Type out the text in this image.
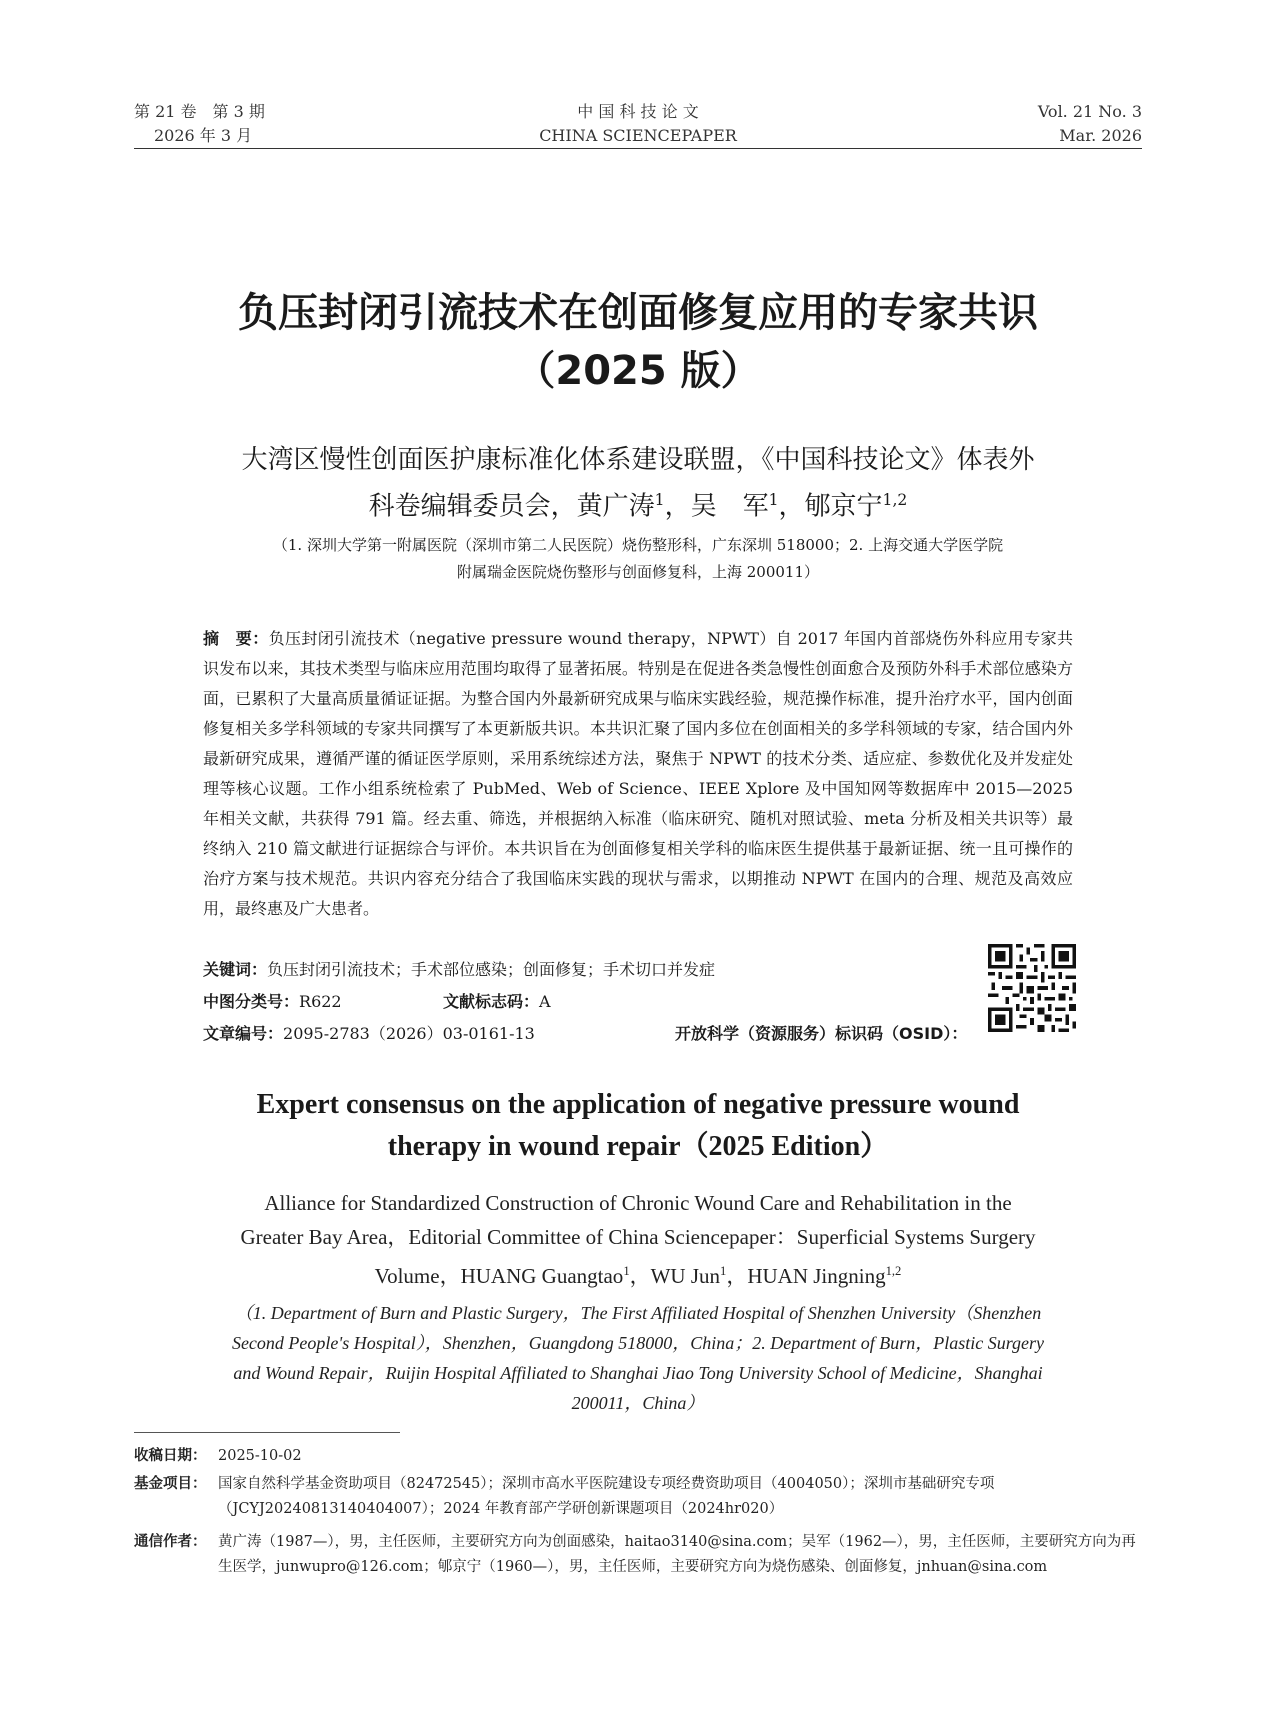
第 21 卷　第 3 期
2026 年 3 月
中 国 科 技 论 文
CHINA SCIENCEPAPER
Vol. 21 No. 3
Mar. 2026
负压封闭引流技术在创面修复应用的专家共识
（2025 版）
大湾区慢性创面医护康标准化体系建设联盟，《中国科技论文》体表外
科卷编辑委员会，黄广涛$^1$，吴　军$^1$，郇京宁$^{1,2}$
（1. 深圳大学第一附属医院（深圳市第二人民医院）烧伤整形科，广东深圳 518000；2. 上海交通大学医学院
附属瑞金医院烧伤整形与创面修复科，上海 200011）
摘　要：负压封闭引流技术（negative pressure wound therapy，NPWT）自 2017 年国内首部烧伤外科应用专家共识发布以来，其技术类型与临床应用范围均取得了显著拓展。特别是在促进各类急慢性创面愈合及预防外科手术部位感染方面，已累积了大量高质量循证证据。为整合国内外最新研究成果与临床实践经验，规范操作标准，提升治疗水平，国内创面修复相关多学科领域的专家共同撰写了本更新版共识。本共识汇聚了国内多位在创面相关的多学科领域的专家，结合国内外最新研究成果，遵循严谨的循证医学原则，采用系统综述方法，聚焦于 NPWT 的技术分类、适应症、参数优化及并发症处理等核心议题。工作小组系统检索了 PubMed、Web of Science、IEEE Xplore 及中国知网等数据库中 2015—2025 年相关文献，共获得 791 篇。经去重、筛选，并根据纳入标准（临床研究、随机对照试验、meta 分析及相关共识等）最终纳入 210 篇文献进行证据综合与评价。本共识旨在为创面修复相关学科的临床医生提供基于最新证据、统一且可操作的治疗方案与技术规范。共识内容充分结合了我国临床实践的现状与需求，以期推动 NPWT 在国内的合理、规范及高效应用，最终惠及广大患者。
关键词：负压封闭引流技术；手术部位感染；创面修复；手术切口并发症
中图分类号：R622	文献标志码：A
文章编号：2095-2783（2026）03-0161-13	开放科学（资源服务）标识码（OSID）：
Expert consensus on the application of negative pressure wound
therapy in wound repair（2025 Edition）
Alliance for Standardized Construction of Chronic Wound Care and Rehabilitation in the
Greater Bay Area，Editorial Committee of China Sciencepaper：Superficial Systems Surgery
Volume，HUANG Guangtao$^1$，WU Jun$^1$，HUAN Jingning$^{1,2}$
（1. Department of Burn and Plastic Surgery，The First Affiliated Hospital of Shenzhen University（Shenzhen
Second People's Hospital），Shenzhen，Guangdong 518000，China；2. Department of Burn，Plastic Surgery
and Wound Repair，Ruijin Hospital Affiliated to Shanghai Jiao Tong University School of Medicine，Shanghai
200011，China）
收稿日期： 2025-10-02
基金项目： 国家自然科学基金资助项目（82472545）；深圳市高水平医院建设专项经费资助项目（4004050）；深圳市基础研究专项（JCYJ20240813140404007）；2024 年教育部产学研创新课题项目（2024hr020）
通信作者： 黄广涛（1987—），男，主任医师，主要研究方向为创面感染，haitao3140@sina.com；吴军（1962—），男，主任医师，主要研究方向为再生医学，junwupro@126.com；郇京宁（1960—），男，主任医师，主要研究方向为烧伤感染、创面修复，jnhuan@sina.com
